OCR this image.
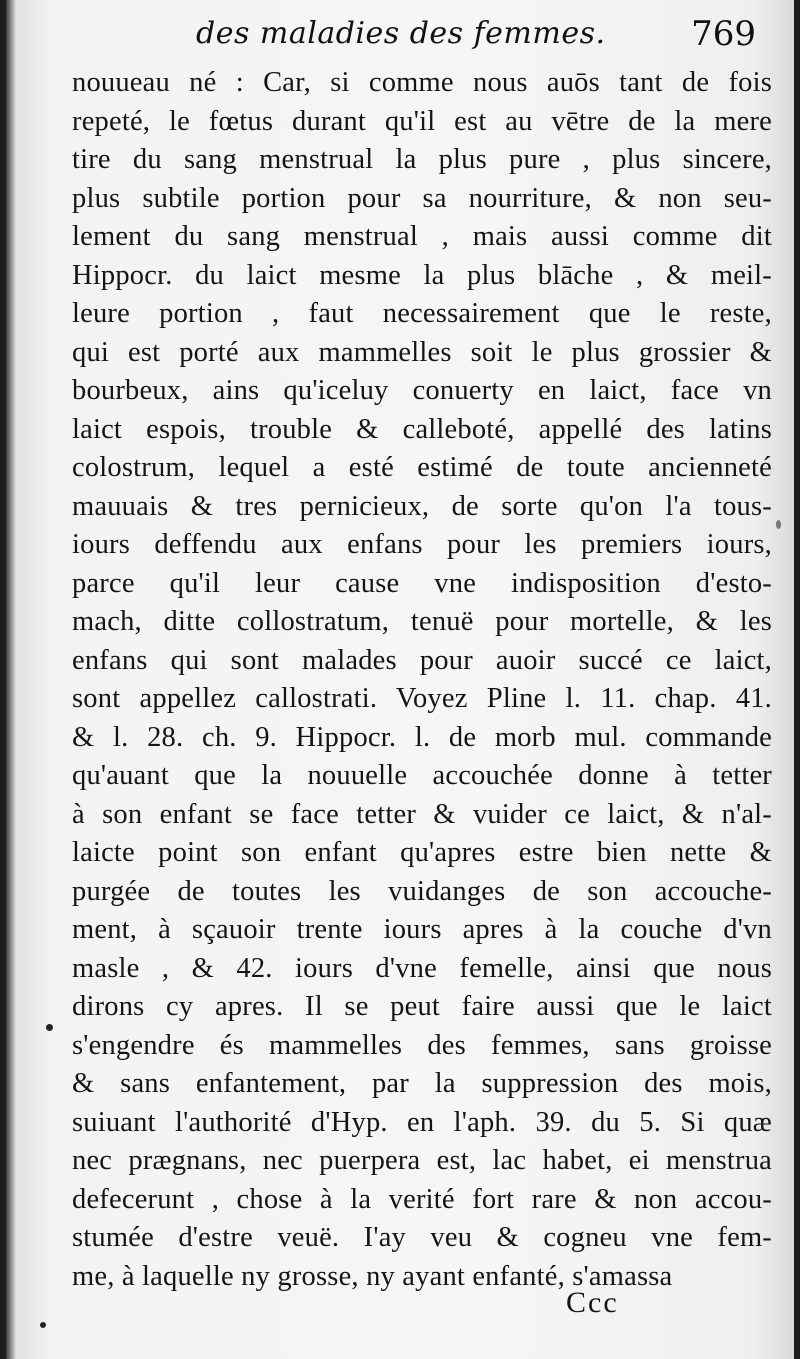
des maladies des femmes.	769
nouueau né : Car, si comme nous auōs tant de fois
repeté, le fœtus durant qu'il est au vētre de la mere
tire du sang menstrual la plus pure , plus sincere,
plus subtile portion pour sa nourriture, & non seu-
lement du sang menstrual , mais aussi comme dit
Hippocr. du laict mesme la plus blāche , & meil-
leure portion , faut necessairement que le reste,
qui est porté aux mammelles soit le plus grossier &
bourbeux, ains qu'iceluy conuerty en laict, face vn
laict espois, trouble & calleboté, appellé des latins
colostrum, lequel a esté estimé de toute ancienneté
mauuais & tres pernicieux, de sorte qu'on l'a tous-
iours deffendu aux enfans pour les premiers iours,
parce qu'il leur cause vne indisposition d'esto-
mach, ditte collostratum, tenuë pour mortelle, & les
enfans qui sont malades pour auoir succé ce laict,
sont appellez callostrati. Voyez Pline l. 11. chap. 41.
& l. 28. ch. 9. Hippocr. l. de morb mul. commande
qu'auant que la nouuelle accouchée donne à tetter
à son enfant se face tetter & vuider ce laict, & n'al-
laicte point son enfant qu'apres estre bien nette &
purgée de toutes les vuidanges de son accouche-
ment, à sçauoir trente iours apres à la couche d'vn
masle , & 42. iours d'vne femelle, ainsi que nous
dirons cy apres. Il se peut faire aussi que le laict
s'engendre és mammelles des femmes, sans groisse
& sans enfantement, par la suppression des mois,
suiuant l'authorité d'Hyp. en l'aph. 39. du 5. Si quæ
nec prægnans, nec puerpera est, lac habet, ei menstrua
defecerunt , chose à la verité fort rare & non accou-
stumée d'estre veuë. I'ay veu & cogneu vne fem-
me, à laquelle ny grosse, ny ayant enfanté, s'amassa
Ccc
